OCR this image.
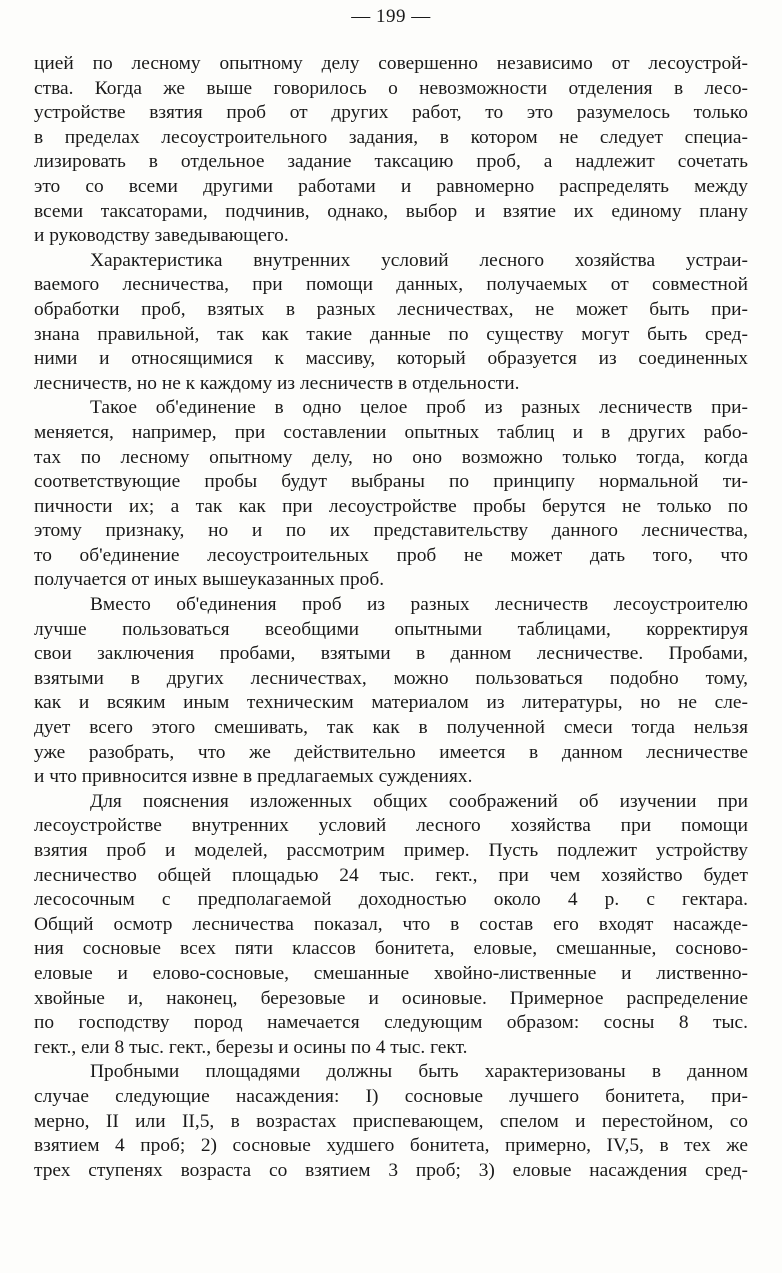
— 199 —
цией по лесному опытному делу совершенно независимо от лесоустрой-
ства. Когда же выше говорилось о невозможности отделения в лесо-
устройстве взятия проб от других работ, то это разумелось только
в пределах лесоустроительного задания, в котором не следует специа-
лизировать в отдельное задание таксацию проб, а надлежит сочетать
это со всеми другими работами и равномерно распределять между
всеми таксаторами, подчинив, однако, выбор и взятие их единому плану
и руководству заведывающего.
Характеристика внутренних условий лесного хозяйства устраи-
ваемого лесничества, при помощи данных, получаемых от совместной
обработки проб, взятых в разных лесничествах, не может быть при-
знана правильной, так как такие данные по существу могут быть сред-
ними и относящимися к массиву, который образуется из соединенных
лесничеств, но не к каждому из лесничеств в отдельности.
Такое об'единение в одно целое проб из разных лесничеств при-
меняется, например, при составлении опытных таблиц и в других рабо-
тах по лесному опытному делу, но оно возможно только тогда, когда
соответствующие пробы будут выбраны по принципу нормальной ти-
пичности их; а так как при лесоустройстве пробы берутся не только по
этому признаку, но и по их представительству данного лесничества,
то об'единение лесоустроительных проб не может дать того, что
получается от иных вышеуказанных проб.
Вместо об'единения проб из разных лесничеств лесоустроителю
лучше пользоваться всеобщими опытными таблицами, корректируя
свои заключения пробами, взятыми в данном лесничестве. Пробами,
взятыми в других лесничествах, можно пользоваться подобно тому,
как и всяким иным техническим материалом из литературы, но не сле-
дует всего этого смешивать, так как в полученной смеси тогда нельзя
уже разобрать, что же действительно имеется в данном лесничестве
и что привносится извне в предлагаемых суждениях.
Для пояснения изложенных общих соображений об изучении при
лесоустройстве внутренних условий лесного хозяйства при помощи
взятия проб и моделей, рассмотрим пример. Пусть подлежит устройству
лесничество общей площадью 24 тыс. гект., при чем хозяйство будет
лесосочным с предполагаемой доходностью около 4 р. с гектара.
Общий осмотр лесничества показал, что в состав его входят насажде-
ния сосновые всех пяти классов бонитета, еловые, смешанные, сосново-
еловые и елово-сосновые, смешанные хвойно-лиственные и лиственно-
хвойные и, наконец, березовые и осиновые. Примерное распределение
по господству пород намечается следующим образом: сосны 8 тыс.
гект., ели 8 тыс. гект., березы и осины по 4 тыс. гект.
Пробными площадями должны быть характеризованы в данном
случае следующие насаждения: I) сосновые лучшего бонитета, при-
мерно, II или II,5, в возрастах приспевающем, спелом и перестойном, со
взятием 4 проб; 2) сосновые худшего бонитета, примерно, IV,5, в тех же
трех ступенях возраста со взятием 3 проб; 3) еловые насаждения сред-
